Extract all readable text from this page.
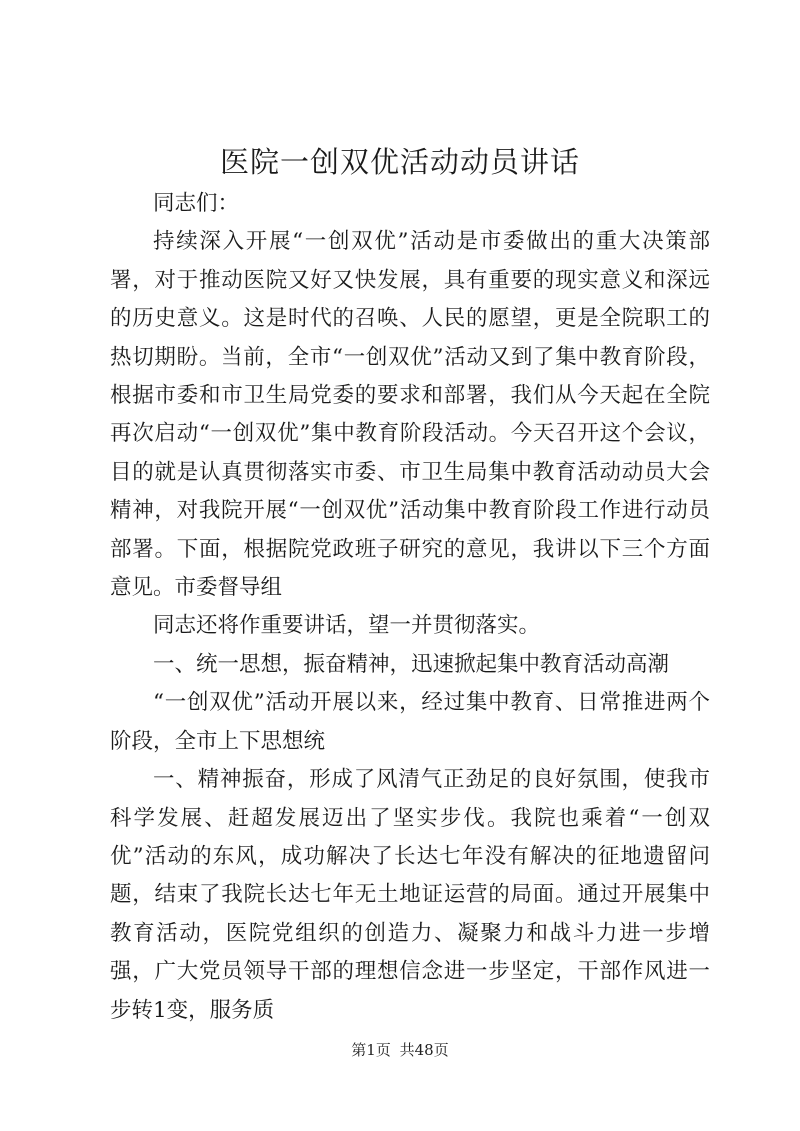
医院一创双优活动动员讲话

同志们：

持续深入开展“一创双优”活动是市委做出的重大决策部署，对于推动医院又好又快发展，具有重要的现实意义和深远的历史意义。这是时代的召唤、人民的愿望，更是全院职工的热切期盼。当前，全市“一创双优”活动又到了集中教育阶段，根据市委和市卫生局党委的要求和部署，我们从今天起在全院再次启动“一创双优”集中教育阶段活动。今天召开这个会议，目的就是认真贯彻落实市委、市卫生局集中教育活动动员大会精神，对我院开展“一创双优”活动集中教育阶段工作进行动员部署。下面，根据院党政班子研究的意见，我讲以下三个方面意见。市委督导组

同志还将作重要讲话，望一并贯彻落实。

一、统一思想，振奋精神，迅速掀起集中教育活动高潮

“一创双优”活动开展以来，经过集中教育、日常推进两个阶段，全市上下思想统

一、精神振奋，形成了风清气正劲足的良好氛围，使我市科学发展、赶超发展迈出了坚实步伐。我院也乘着“一创双优”活动的东风，成功解决了长达七年没有解决的征地遗留问题，结束了我院长达七年无土地证运营的局面。通过开展集中教育活动，医院党组织的创造力、凝聚力和战斗力进一步增强，广大党员领导干部的理想信念进一步坚定，干部作风进一步转1变，服务质

第1页 共48页
